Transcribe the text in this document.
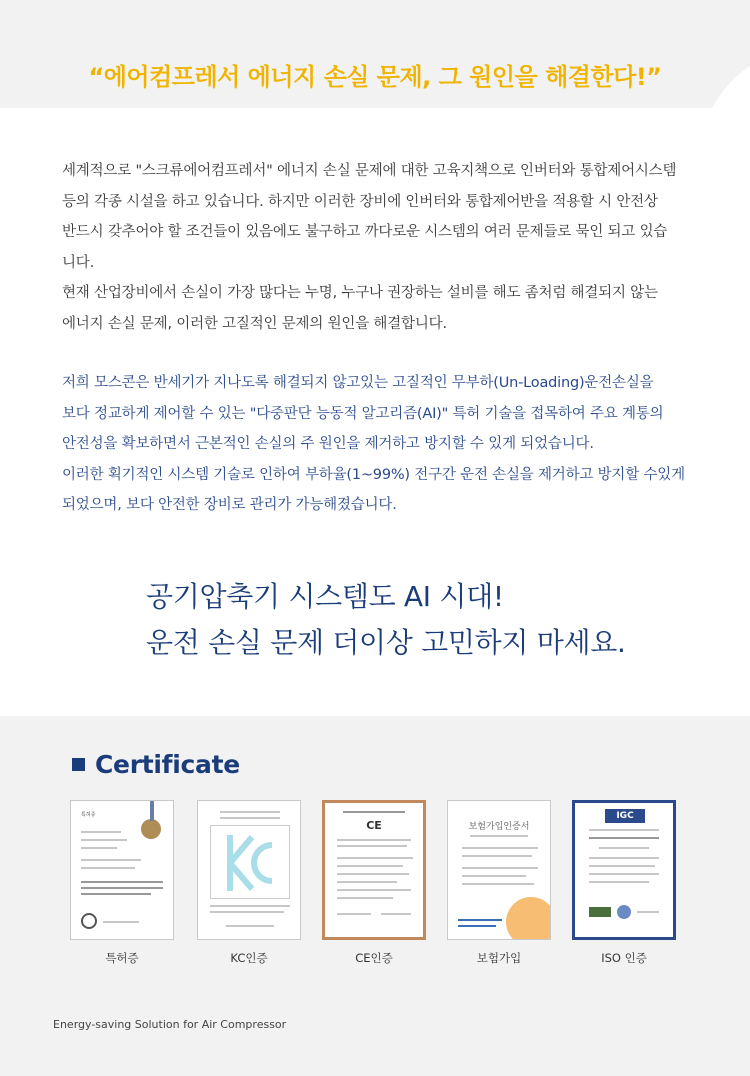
“에어컴프레서 에너지 손실 문제, 그 원인을 해결한다!”

세계적으로 "스크류에어컴프레서" 에너지 손실 문제에 대한 고육지책으로 인버터와 통합제어시스템

등의 각종 시설을 하고 있습니다. 하지만 이러한 장비에 인버터와 통합제어반을 적용할 시 안전상

반드시 갖추어야 할 조건들이 있음에도 불구하고 까다로운 시스템의 여러 문제들로 묵인 되고 있습

니다.

현재 산업장비에서 손실이 가장 많다는 누명, 누구나 권장하는 설비를 해도 좀처럼 해결되지 않는

에너지 손실 문제, 이러한 고질적인 문제의 원인을 해결합니다.

저희 모스콘은 반세기가 지나도록 해결되지 않고있는 고질적인 무부하(Un-Loading)운전손실을

보다 정교하게 제어할 수 있는 "다중판단 능동적 알고리즘(AI)" 특허 기술을 접목하여 주요 계통의

안전성을 확보하면서 근본적인 손실의 주 원인을 제거하고 방지할 수 있게 되었습니다.

이러한 획기적인 시스템 기술로 인하여 부하율(1~99%) 전구간 운전 손실을 제거하고 방지할 수있게

되었으며, 보다 안전한 장비로 관리가 가능해졌습니다.

공기압축기 시스템도 AI 시대!
운전 손실 문제 더이상 고민하지 마세요.
Certificate
특허증
특허증	KC인증
CE
CE인증
보험가입인증서
보험가입
IGC
ISO 인증
Energy-saving Solution for Air Compressor
